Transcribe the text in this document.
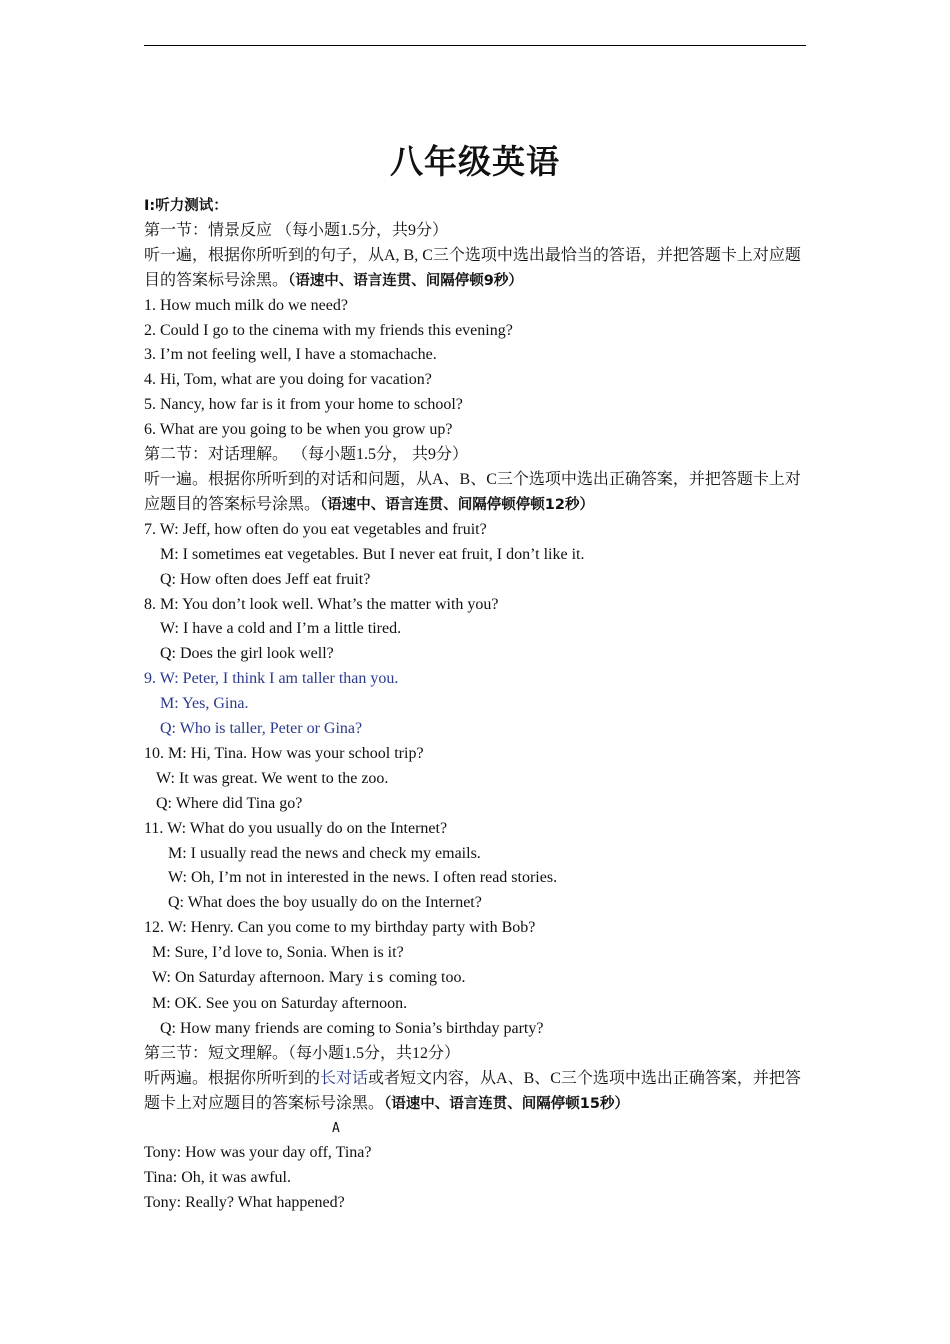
八年级英语

I:听力测试：

第一节：情景反应 （每小题1.5分，共9分）

听一遍，根据你所听到的句子，从A, B, C三个选项中选出最恰当的答语，并把答题卡上对应题目的答案标号涂黑。（语速中、语言连贯、间隔停顿9秒）

1. How much milk do we need?

2. Could I go to the cinema with my friends this evening?

3. I’m not feeling well, I have a stomachache.

4. Hi, Tom, what are you doing for vacation?

5. Nancy, how far is it from your home to school?

6. What are you going to be when you grow up?

第二节：对话理解。 （每小题1.5分， 共9分）

听一遍。根据你所听到的对话和问题，从A、B、C三个选项中选出正确答案，并把答题卡上对应题目的答案标号涂黑。（语速中、语言连贯、间隔停顿停顿12秒）

7. W: Jeff, how often do you eat vegetables and fruit?

M: I sometimes eat vegetables. But I never eat fruit, I don’t like it.

Q: How often does Jeff eat fruit?

8. M: You don’t look well. What’s the matter with you?

W: I have a cold and I’m a little tired.

Q: Does the girl look well?

9. W: Peter, I think I am taller than you.

M: Yes, Gina.

Q: Who is taller, Peter or Gina?

10. M: Hi, Tina. How was your school trip?

W: It was great. We went to the zoo.

Q: Where did Tina go?

11. W: What do you usually do on the Internet?

M: I usually read the news and check my emails.

W: Oh, I’m not in interested in the news. I often read stories.

Q: What does the boy usually do on the Internet?

12. W: Henry. Can you come to my birthday party with Bob?

M: Sure, I’d love to, Sonia. When is it?

W: On Saturday afternoon. Mary is coming too.

M: OK. See you on Saturday afternoon.

Q: How many friends are coming to Sonia’s birthday party?

第三节：短文理解。（每小题1.5分，共12分）

听两遍。根据你所听到的长对话或者短文内容，从A、B、C三个选项中选出正确答案，并把答题卡上对应题目的答案标号涂黑。（语速中、语言连贯、间隔停顿15秒）

A

Tony: How was your day off, Tina?

Tina: Oh, it was awful.

Tony: Really? What happened?
